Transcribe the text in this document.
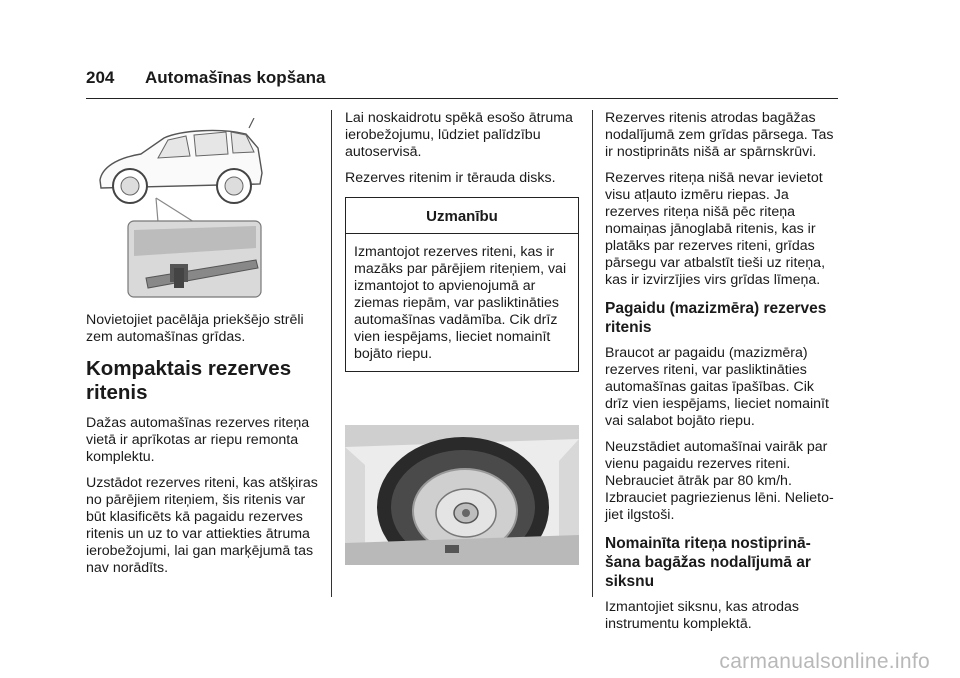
204 Automašīnas kopšana

Novietojiet pacēlāja priekšējo strēli zem automašīnas grīdas.

Kompaktais rezerves ritenis

Dažas automašīnas rezerves riteņa vietā ir aprīkotas ar riepu remonta komplektu.

Uzstādot rezerves riteni, kas atšķiras no pārējiem riteņiem, šis ritenis var būt klasificēts kā pagaidu rezerves ritenis un uz to var attiekties ātruma ierobežojumi, lai gan marķējumā tas nav norādīts.

Lai noskaidrotu spēkā esošo ātruma ierobežojumu, lūdziet palīdzību autoservisā.

Rezerves ritenim ir tērauda disks.

Uzmanību

Izmantojot rezerves riteni, kas ir mazāks par pārējiem riteņiem, vai izmantojot to apvienojumā ar ziemas riepām, var pasliktināties automašīnas vadāmība. Cik drīz vien iespējams, lieciet nomainīt bojāto riepu.

Rezerves ritenis atrodas bagāžas nodalījumā zem grīdas pārsega. Tas ir nostiprināts nišā ar spārnskrūvi.

Rezerves riteņa nišā nevar ievietot visu atļauto izmēru riepas. Ja rezerves riteņa nišā pēc riteņa nomaiņas jānoglabā ritenis, kas ir platāks par rezerves riteni, grīdas pārsegu var atbalstīt tieši uz riteņa, kas ir izvirzījies virs grīdas līmeņa.

Pagaidu (mazizmēra) rezerves ritenis

Braucot ar pagaidu (mazizmēra) rezerves riteni, var pasliktināties automašīnas gaitas īpašības. Cik drīz vien iespējams, lieciet nomainīt vai salabot bojāto riepu.

Neuzstādiet automašīnai vairāk par vienu pagaidu rezerves riteni. Nebrauciet ātrāk par 80 km/h. Izbrauciet pagriezienus lēni. Nelietojiet ilgstoši.

Nomainīta riteņa nostiprināšana bagāžas nodalījumā ar siksnu

Izmantojiet siksnu, kas atrodas instrumentu komplektā.

carmanualsonline.info
